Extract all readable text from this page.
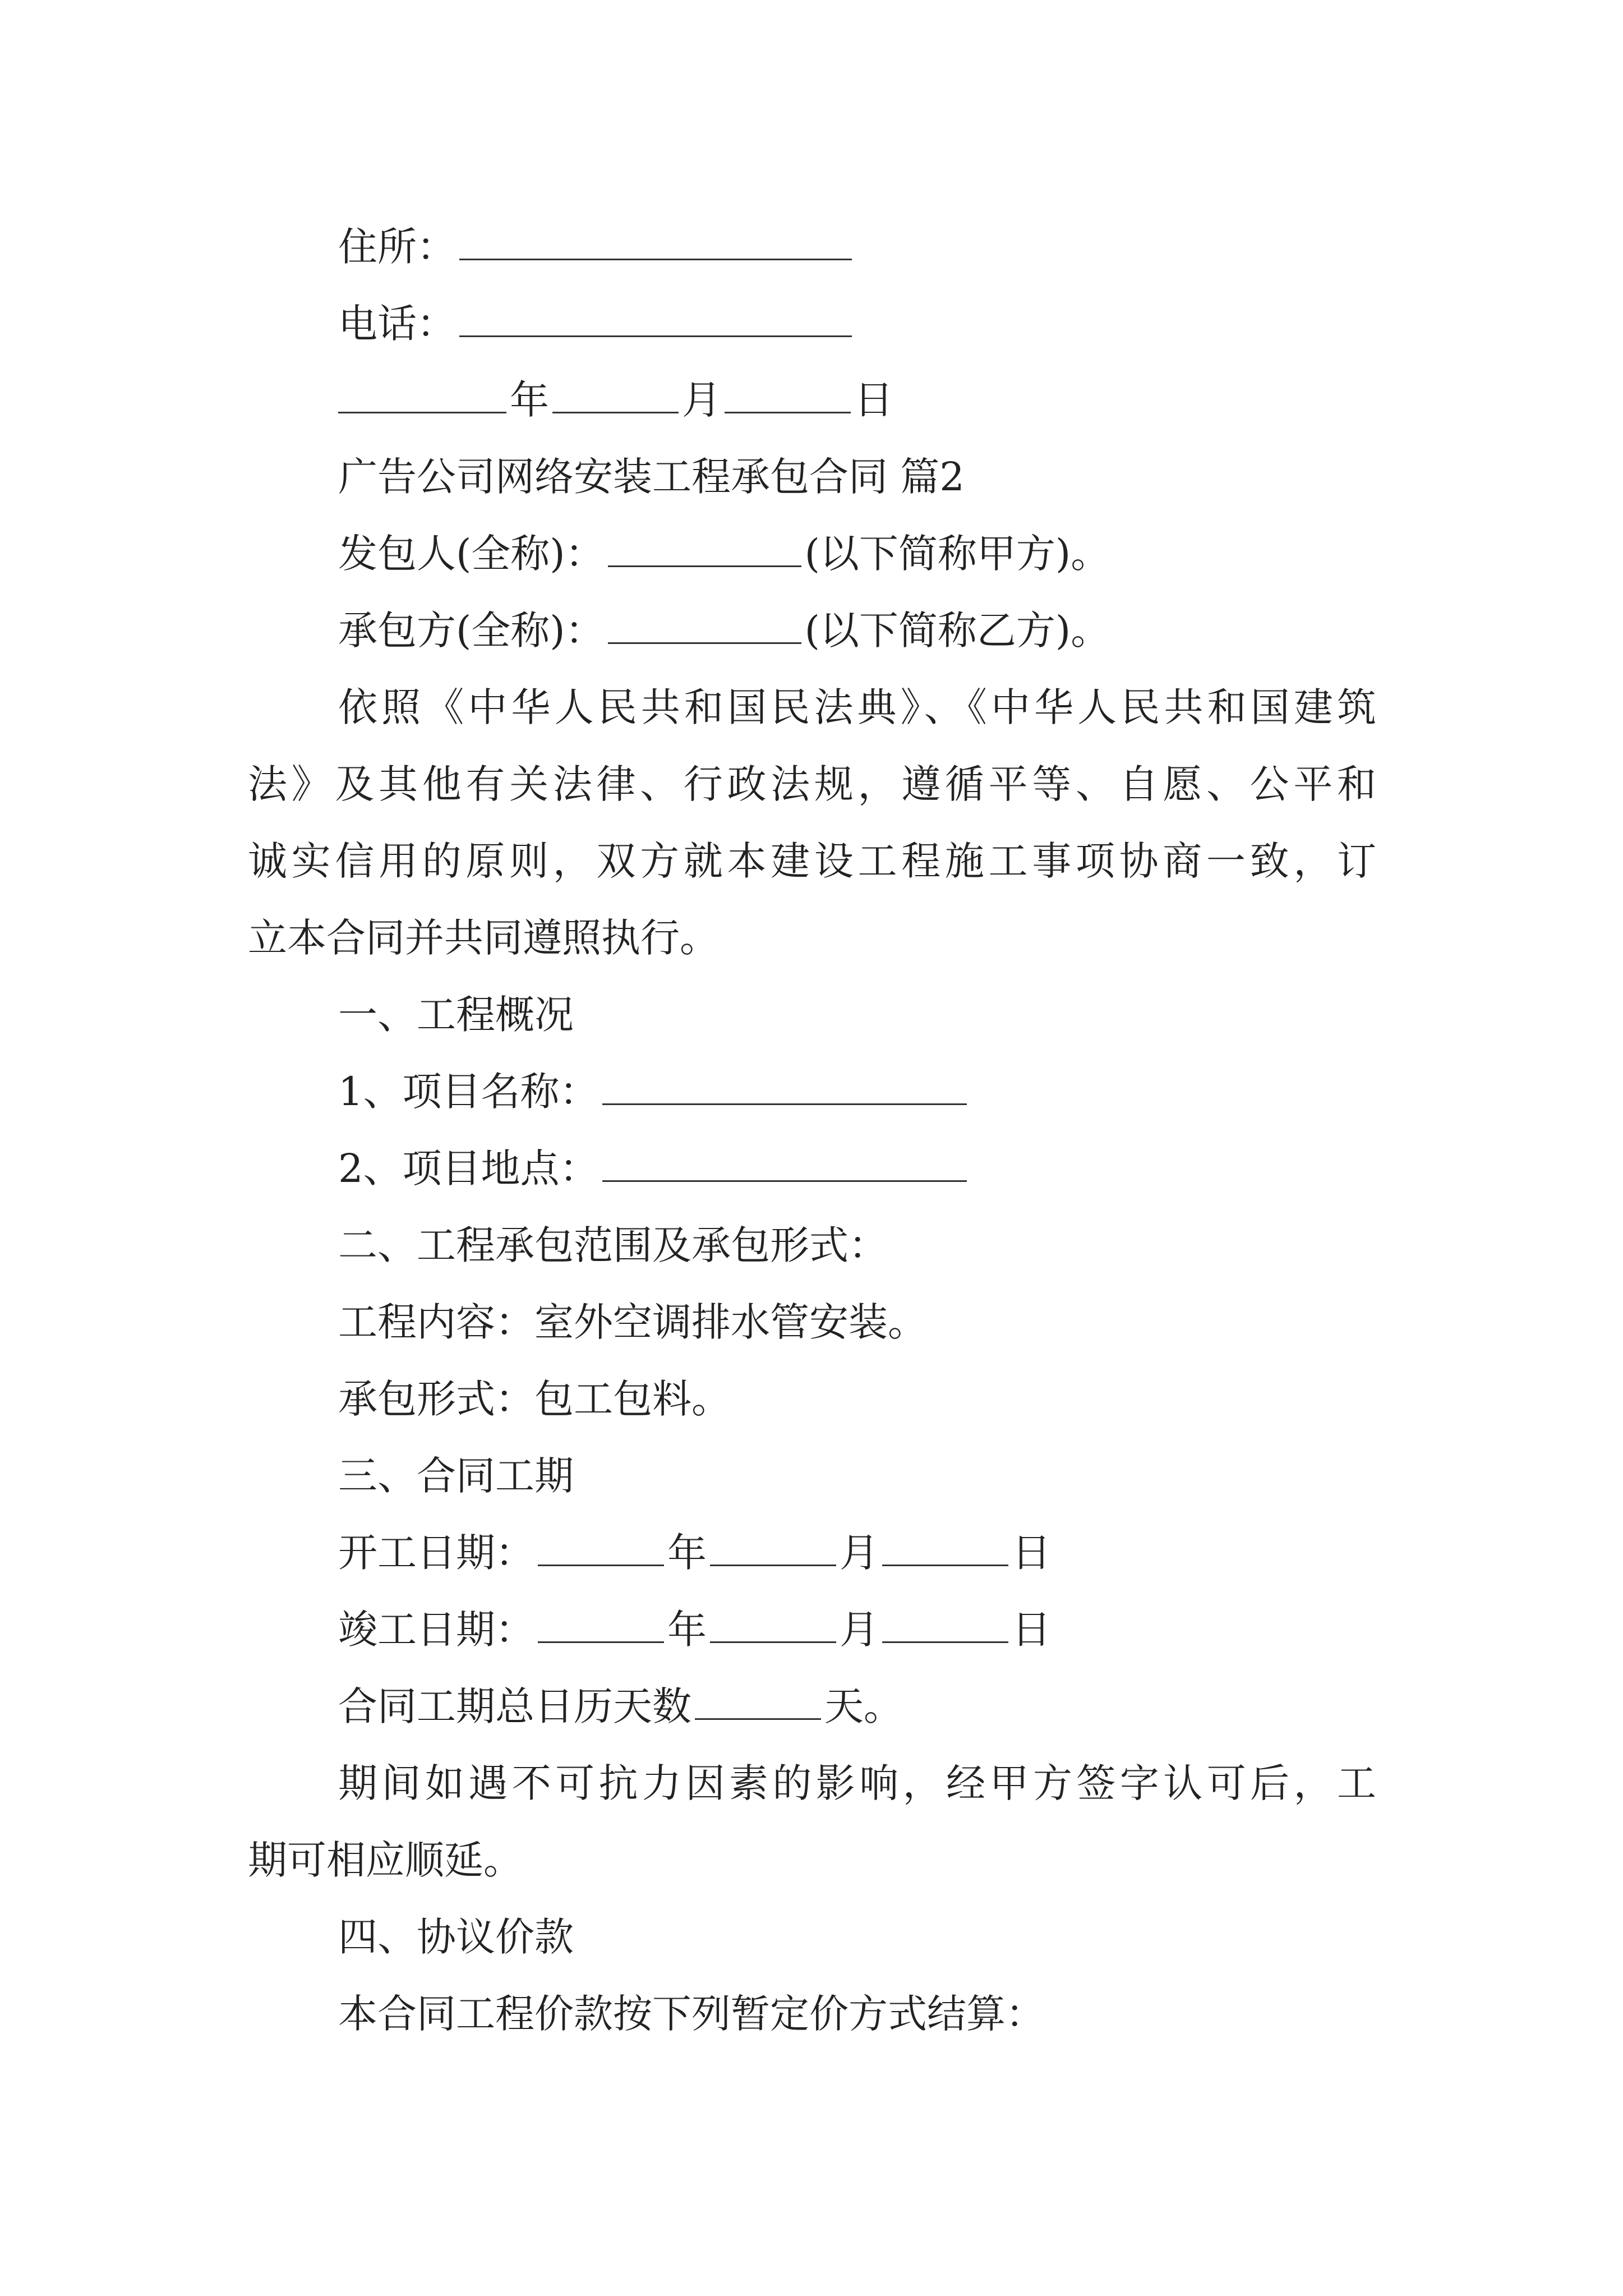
住所：
电话：
年	月	日
广告公司网络安装工程承包合同 篇2
发包人(全称)：	(以下简称甲方)。
承包方(全称)：	(以下简称乙方)。
依照《中华人民共和国民法典》、《中华人民共和国建筑
法》及其他有关法律、行政法规，遵循平等、自愿、公平和
诚实信用的原则，双方就本建设工程施工事项协商一致，订
立本合同并共同遵照执行。
一、工程概况
1、项目名称：
2、项目地点：
二、工程承包范围及承包形式：
工程内容：室外空调排水管安装。
承包形式：包工包料。
三、合同工期
开工日期：	年	月	日
竣工日期：	年	月	日
合同工期总日历天数	天。
期间如遇不可抗力因素的影响，经甲方签字认可后，工
期可相应顺延。
四、协议价款
本合同工程价款按下列暂定价方式结算：
